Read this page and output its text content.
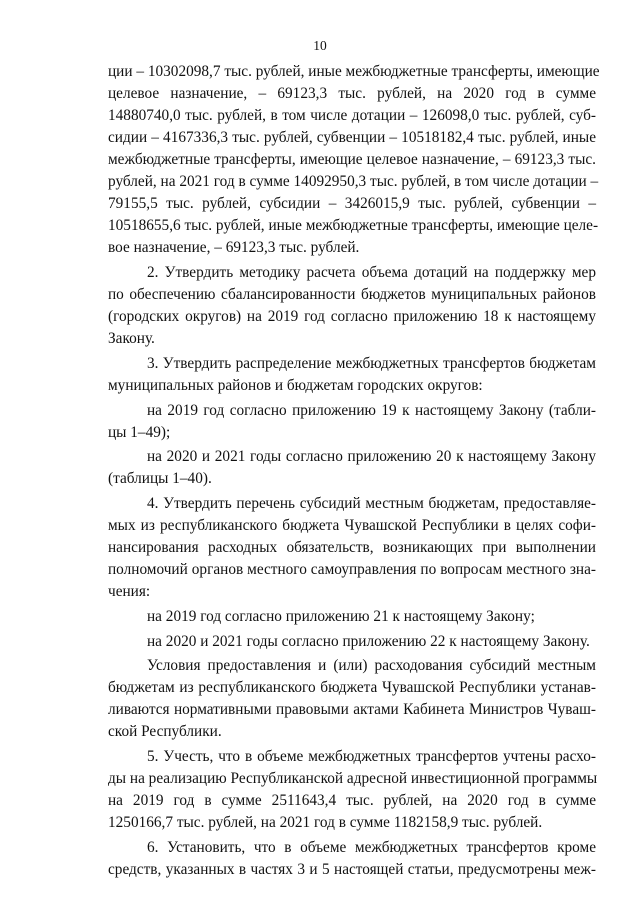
10
ции – 10302098,7 тыс. рублей, иные межбюджетные трансферты, имеющие
целевое назначение, – 69123,3 тыс. рублей, на 2020 год в сумме
14880740,0 тыс. рублей, в том числе дотации – 126098,0 тыс. рублей, суб-
сидии – 4167336,3 тыс. рублей, субвенции – 10518182,4 тыс. рублей, иные
межбюджетные трансферты, имеющие целевое назначение, – 69123,3 тыс.
рублей, на 2021 год в сумме 14092950,3 тыс. рублей, в том числе дотации –
79155,5 тыс. рублей, субсидии – 3426015,9 тыс. рублей, субвенции –
10518655,6 тыс. рублей, иные межбюджетные трансферты, имеющие целе-
вое назначение, – 69123,3 тыс. рублей.
2. Утвердить методику расчета объема дотаций на поддержку мер
по обеспечению сбалансированности бюджетов муниципальных районов
(городских округов) на 2019 год согласно приложению 18 к настоящему
Закону.
3. Утвердить распределение межбюджетных трансфертов бюджетам
муниципальных районов и бюджетам городских округов:
на 2019 год согласно приложению 19 к настоящему Закону (табли-
цы 1–49);
на 2020 и 2021 годы согласно приложению 20 к настоящему Закону
(таблицы 1–40).
4. Утвердить перечень субсидий местным бюджетам, предоставляе-
мых из республиканского бюджета Чувашской Республики в целях софи-
нансирования расходных обязательств, возникающих при выполнении
полномочий органов местного самоуправления по вопросам местного зна-
чения:
на 2019 год согласно приложению 21 к настоящему Закону;
на 2020 и 2021 годы согласно приложению 22 к настоящему Закону.
Условия предоставления и (или) расходования субсидий местным
бюджетам из республиканского бюджета Чувашской Республики устанав-
ливаются нормативными правовыми актами Кабинета Министров Чуваш-
ской Республики.
5. Учесть, что в объеме межбюджетных трансфертов учтены расхо-
ды на реализацию Республиканской адресной инвестиционной программы
на 2019 год в сумме 2511643,4 тыс. рублей, на 2020 год в сумме
1250166,7 тыс. рублей, на 2021 год в сумме 1182158,9 тыс. рублей.
6. Установить, что в объеме межбюджетных трансфертов кроме
средств, указанных в частях 3 и 5 настоящей статьи, предусмотрены меж-
